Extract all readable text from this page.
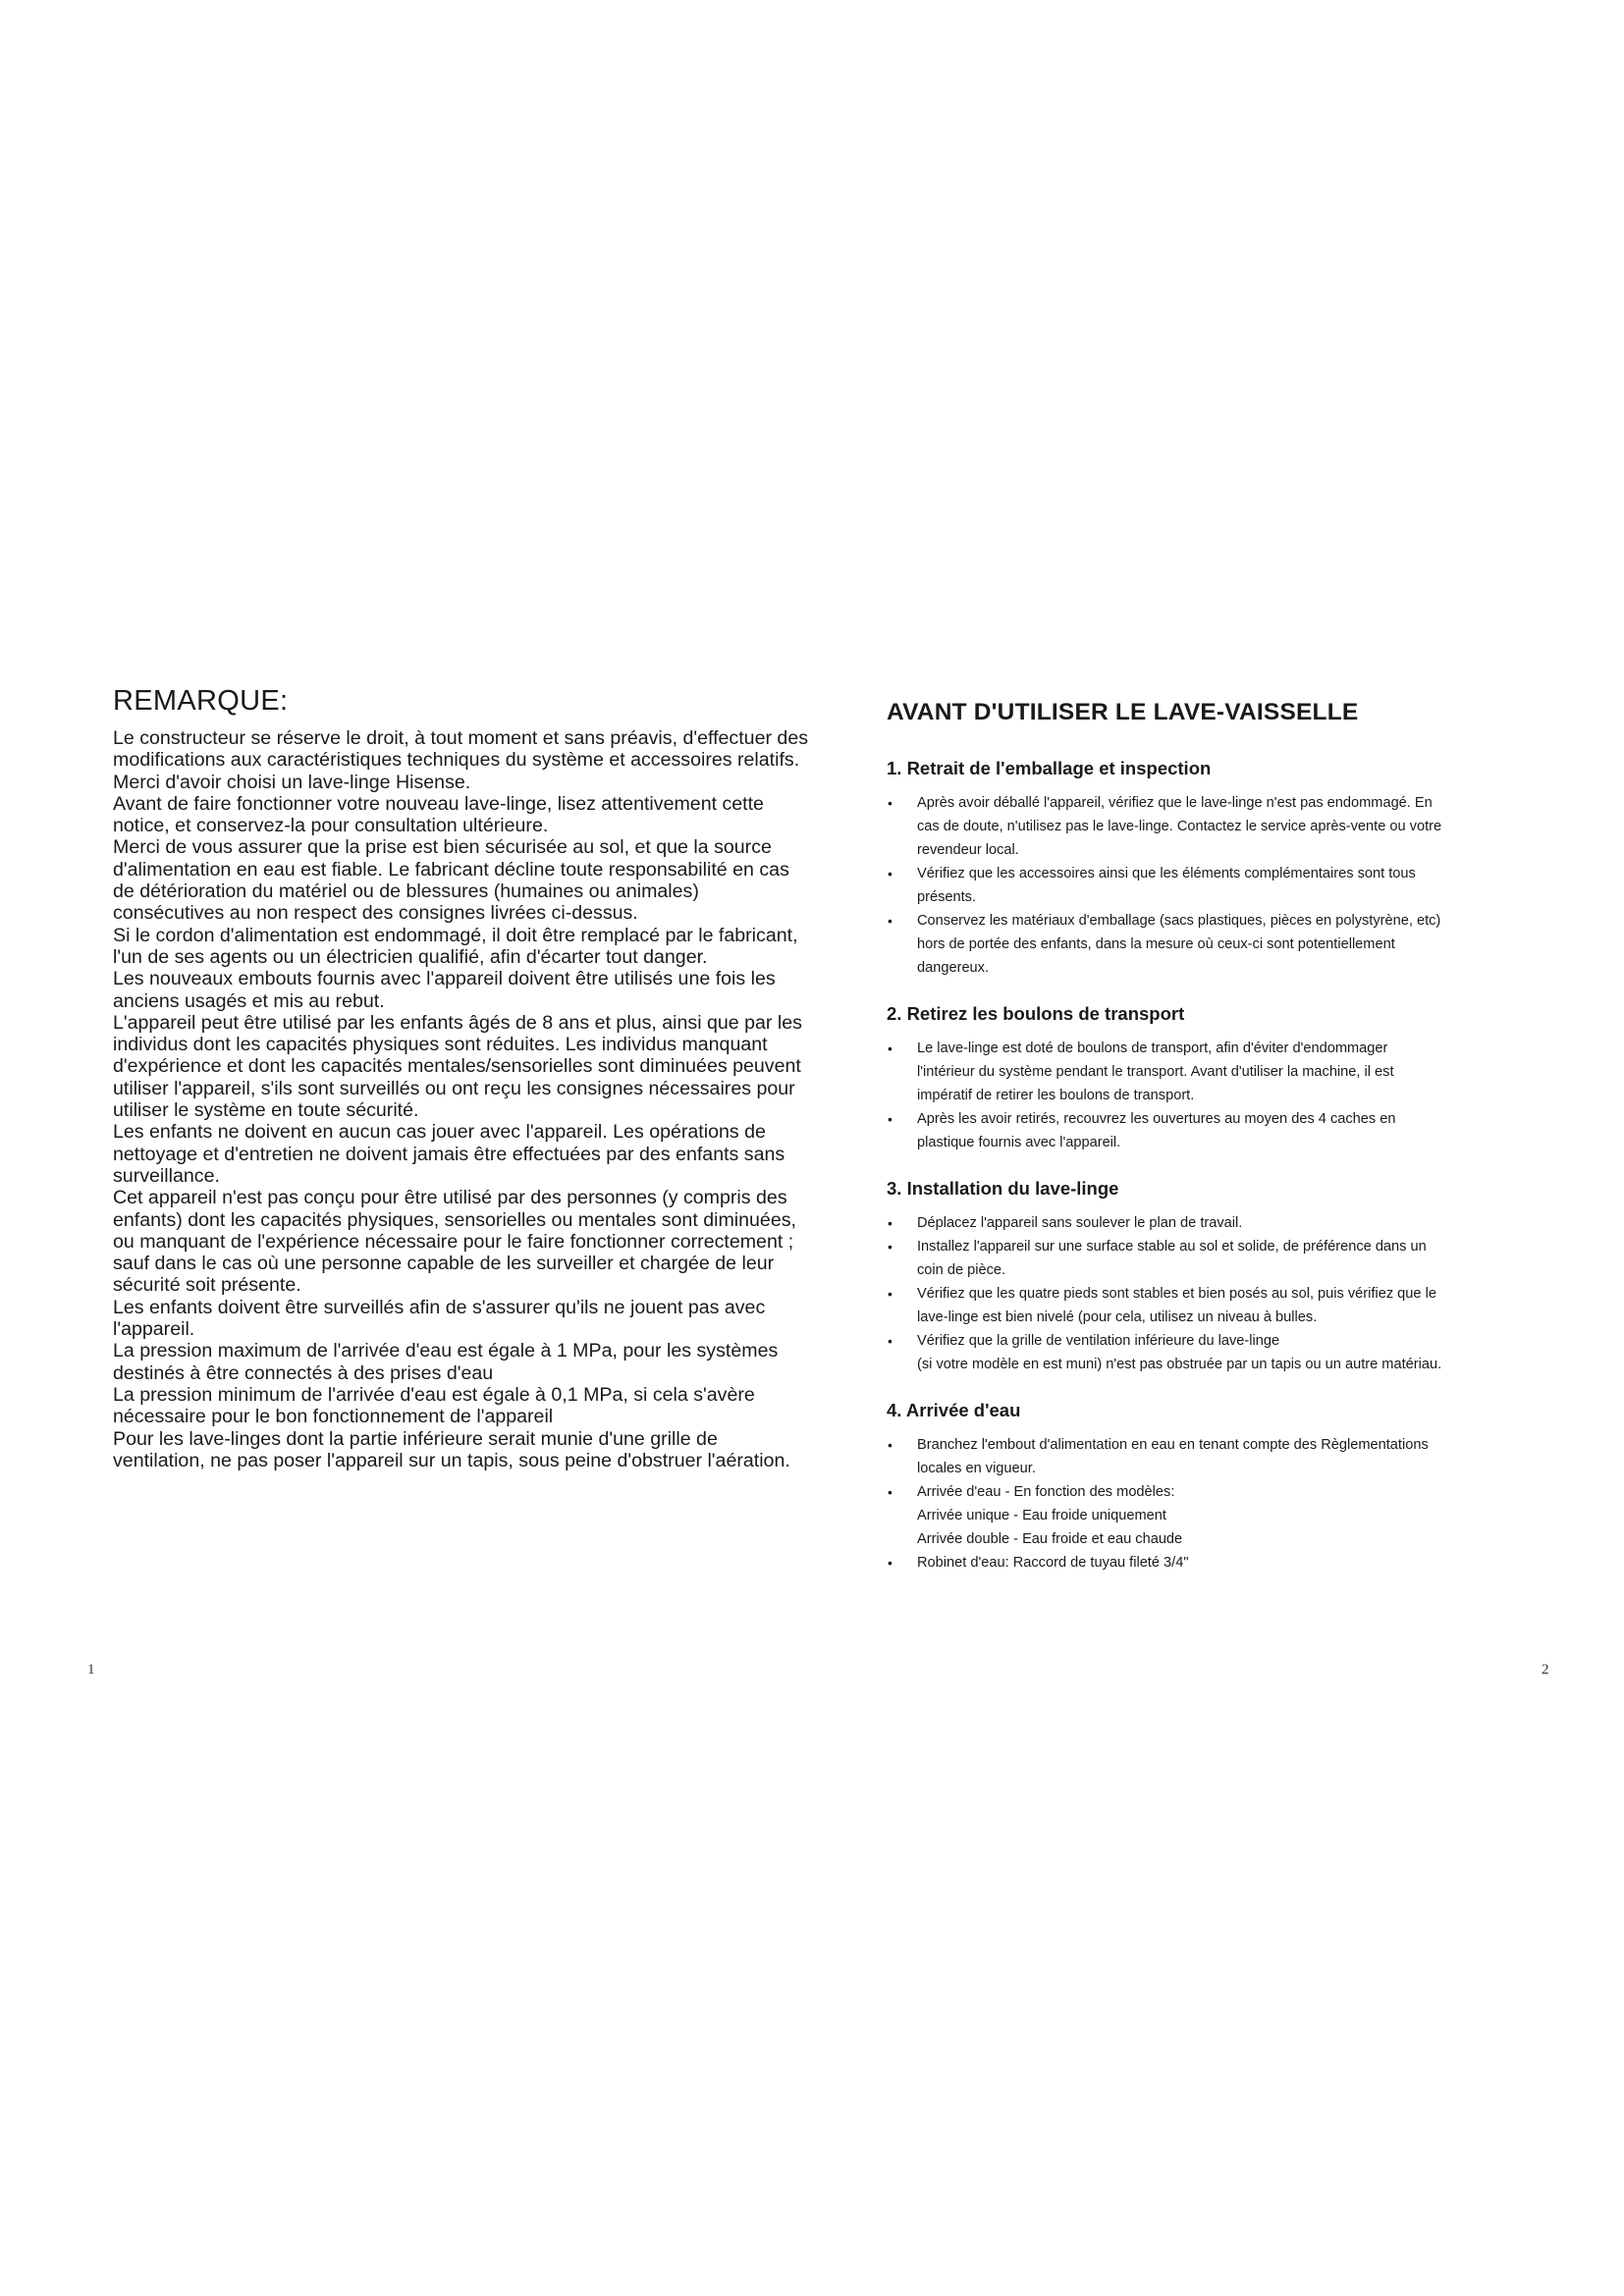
REMARQUE:

Le constructeur se réserve le droit, à tout moment et sans préavis, d'effectuer des modifications aux caractéristiques techniques du système et accessoires relatifs.

Merci d'avoir choisi un lave-linge Hisense.

Avant de faire fonctionner votre nouveau lave-linge, lisez attentivement cette notice, et conservez-la pour consultation ultérieure.

Merci de vous assurer que la prise est bien sécurisée au sol, et que la source d'alimentation en eau est fiable. Le fabricant décline toute responsabilité en cas de détérioration du matériel ou de blessures (humaines ou animales) consécutives au non respect des consignes livrées ci-dessus.

Si le cordon d'alimentation est endommagé, il doit être remplacé par le fabricant, l'un de ses agents ou un électricien qualifié, afin d'écarter tout danger.

Les nouveaux embouts fournis avec l'appareil doivent être utilisés une fois les anciens usagés et mis au rebut.

L'appareil peut être utilisé par les enfants âgés de 8 ans et plus, ainsi que par les individus dont les capacités physiques sont réduites. Les individus manquant d'expérience et dont les capacités mentales/sensorielles sont diminuées peuvent utiliser l'appareil, s'ils sont surveillés ou ont reçu les consignes nécessaires pour utiliser le système en toute sécurité.

Les enfants ne doivent en aucun cas jouer avec l'appareil. Les opérations de nettoyage et d'entretien ne doivent jamais être effectuées par des enfants sans surveillance.

Cet appareil n'est pas conçu pour être utilisé par des personnes (y compris des enfants) dont les capacités physiques, sensorielles ou mentales sont diminuées, ou manquant de l'expérience nécessaire pour le faire fonctionner correctement ; sauf dans le cas où une personne capable de les surveiller et chargée de leur sécurité soit présente.

Les enfants doivent être surveillés afin de s'assurer qu'ils ne jouent pas avec l'appareil.

La pression maximum de l'arrivée d'eau est égale à 1 MPa, pour les systèmes destinés à être connectés à des prises d'eau

La pression minimum de l'arrivée d'eau est égale à 0,1 MPa, si cela s'avère nécessaire pour le bon fonctionnement de l'appareil

Pour les lave-linges dont la partie inférieure serait munie d'une grille de ventilation, ne pas poser l'appareil sur un tapis, sous peine d'obstruer l'aération.

AVANT D'UTILISER LE LAVE-VAISSELLE
1. Retrait de l'emballage et inspection
• Après avoir déballé l'appareil, vérifiez que le lave-linge n'est pas endommagé. En
cas de doute, n'utilisez pas le lave-linge. Contactez le service après-vente ou votre
revendeur local.
• Vérifiez que les accessoires ainsi que les éléments complémentaires sont tous
présents.
• Conservez les matériaux d'emballage (sacs plastiques, pièces en polystyrène, etc)
hors de portée des enfants, dans la mesure où ceux-ci sont potentiellement
dangereux.
2. Retirez les boulons de transport
• Le lave-linge est doté de boulons de transport, afin d'éviter d'endommager
l'intérieur du système pendant le transport. Avant d'utiliser la machine, il est
impératif de retirer les boulons de transport.
• Après les avoir retirés, recouvrez les ouvertures au moyen des 4 caches en
plastique fournis avec l'appareil.
3. Installation du lave-linge
• Déplacez l'appareil sans soulever le plan de travail.
• Installez l'appareil sur une surface stable au sol et solide, de préférence dans un
coin de pièce.
• Vérifiez que les quatre pieds sont stables et bien posés au sol, puis vérifiez que le
lave-linge est bien nivelé (pour cela, utilisez un niveau à bulles.
• Vérifiez que la grille de ventilation inférieure du lave-linge
(si votre modèle en est muni) n'est pas obstruée par un tapis ou un autre matériau.
4. Arrivée d'eau
• Branchez l'embout d'alimentation en eau en tenant compte des Règlementations
locales en vigueur.
• Arrivée d'eau - En fonction des modèles:
Arrivée unique - Eau froide uniquement
Arrivée double - Eau froide et eau chaude
• Robinet d'eau: Raccord de tuyau fileté 3/4"
1	2
